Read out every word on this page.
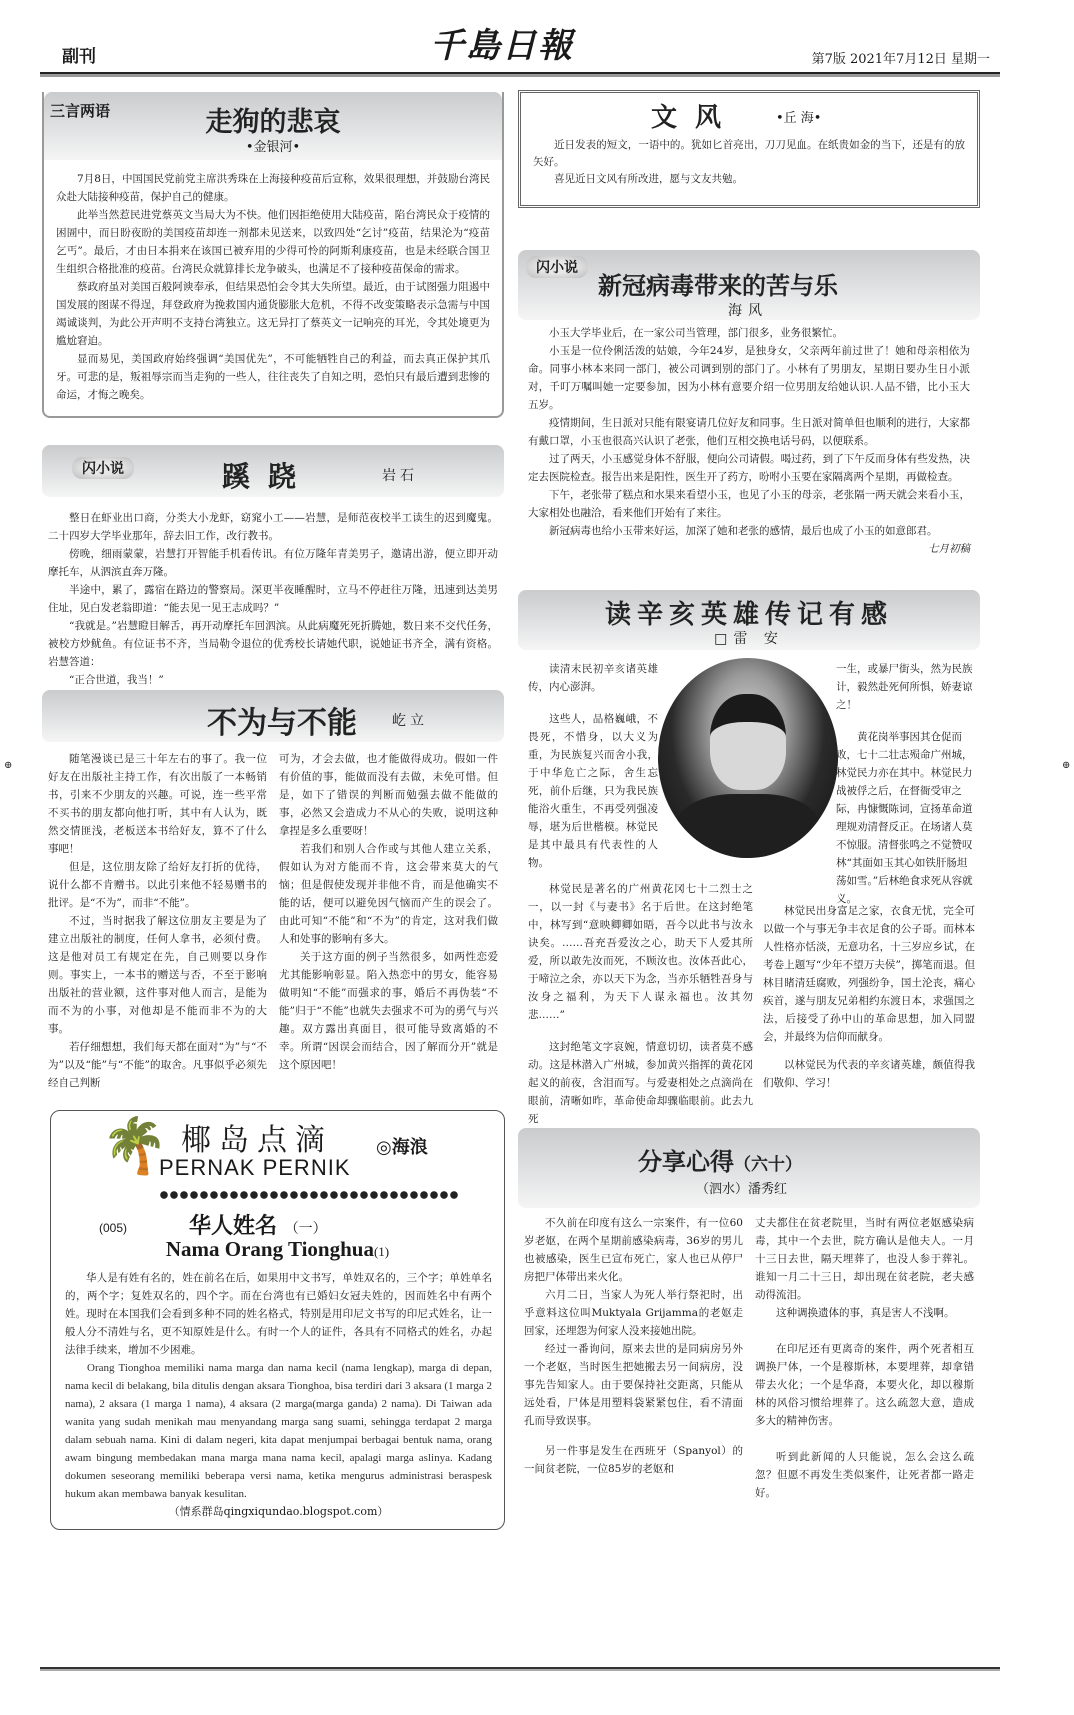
副刊	千島日報	第7版 2021年7月12日 星期一
三言两语	走狗的悲哀
•金银河•

7月8日，中国国民党前党主席洪秀珠在上海接种疫苗后宣称，效果很理想，并鼓励台湾民众赴大陆接种疫苗，保护自己的健康。

此举当然惹民进党蔡英文当局大为不快。他们因拒绝使用大陆疫苗，陷台湾民众于疫情的困圄中，而日盼夜盼的美国疫苗却连一剂都未见送来，以致四处“乞讨”疫苗，结果沦为“疫苗乞丐”。最后，才由日本捐来在该国已被弃用的少得可怜的阿斯利康疫苗，也是未经联合国卫生组织合格批准的疫苗。台湾民众就算排长龙争破头，也满足不了接种疫苗保命的需求。

蔡政府虽对美国百般阿谀奉承，但结果恐怕会令其大失所望。最近，由于试图强力阻遏中国发展的图谋不得逞，拜登政府为挽救国内通货膨胀大危机，不得不改变策略表示急需与中国竭诚谈判，为此公开声明不支持台湾独立。这无异打了蔡英文一记响亮的耳光，令其处境更为尴尬窘迫。

显而易见，美国政府始终强调“美国优先”，不可能牺牲自己的利益，而去真正保护其爪牙。可悲的是，叛祖辱宗而当走狗的一些人，往往丧失了自知之明，恐怕只有最后遭到悲惨的命运，才悔之晚矣。

闪小说	蹊跷	岩石

整日在虾业出口商，分类大小龙虾，窈窕小工——岩慧，是师范夜校半工读生的迟到魔鬼。二十四岁大学毕业那年，辞去旧工作，改行教书。

傍晚，细雨蒙蒙，岩慧打开智能手机看传讯。有位万隆年青美男子，邀请出游，便立即开动摩托车，从泗滨直奔万隆。

半途中，累了，露宿在路边的警察局。深更半夜睡醒时，立马不停赶往万隆，迅速到达美男住址，见白发老翁即道：“能去见一见王志成吗？”

“我就是。”岩慧瞪目解舌，再开动摩托车回泗滨。从此病魔死死折腾她，数日来不交代任务，被校方炒鱿鱼。有位证书不齐，当局勒令退位的优秀校长请她代职，说她证书齐全，满有资格。岩慧答道：

“正合世道，我当！”

不为与不能	屹立

随笔漫谈已是三十年左右的事了。我一位好友在出版社主持工作，有次出版了一本畅销书，引来不少朋友的兴趣。可说，连一些平常不买书的朋友都向他打听，其中有人认为，既然交情匪浅，老板送本书给好友，算不了什么事吧！

但是，这位朋友除了给好友打折的优待，说什么都不肯赠书。以此引来他不轻易赠书的批评。是“不为”，而非“不能”。

不过，当时据我了解这位朋友主要是为了建立出版社的制度，任何人拿书，必须付费。这是他对员工有规定在先，自己则要以身作则。事实上，一本书的赠送与否，不至于影响出版社的营业额，这件事对他人而言，是能为而不为的小事，对他却是不能而非不为的大事。

若仔细想想，我们每天都在面对“为”与“不为”以及“能”与“不能”的取舍。凡事似乎必须先经自己判断

可为，才会去做，也才能做得成功。假如一件有价值的事，能做而没有去做，未免可惜。但是，如下了错误的判断而勉强去做不能做的事，必然又会造成力不从心的失败，说明这种拿捏是多么重要呀！

若我们和别人合作或与其他人建立关系，假如认为对方能而不肯，这会带来莫大的气恼；但是假使发现并非他不肯，而是他确实不能的话，便可以避免因气恼而产生的误会了。由此可知“不能”和“不为”的肯定，这对我们做人和处事的影响有多大。

关于这方面的例子当然很多，如两性恋爱尤其能影响彰显。陷入热恋中的男女，能容易做明知“不能”而强求的事，婚后不再伪装“不能”归于“不能”也就失去强求不可为的勇气与兴趣。双方露出真面目，很可能导致离婚的不幸。所谓“因误会而结合，因了解而分开”就是这个原因吧！

🌴 椰岛点滴
PERNAK PERNIK
◎海浪
(005)	华人姓名 （一）
Nama Orang Tionghua(1)

华人是有姓有名的，姓在前名在后，如果用中文书写，单姓双名的，三个字；单姓单名的，两个字；复姓双名的，四个字。而在台湾也有已婚妇女冠夫姓的，因而姓名中有两个姓。现时在本国我们会看到多种不同的姓名格式，特别是用印尼文书写的印尼式姓名，让一般人分不清姓与名，更不知原姓是什么。有时一个人的证件，各具有不同格式的姓名，办起法律手续来，增加不少困难。

Orang Tionghoa memiliki nama marga dan nama kecil (nama lengkap), marga di depan, nama kecil di belakang, bila ditulis dengan aksara Tionghoa, bisa terdiri dari 3 aksara (1 marga 2 nama), 2 aksara (1 marga 1 nama), 4 aksara (2 marga(marga ganda) 2 nama). Di Taiwan ada wanita yang sudah menikah mau menyandang marga sang suami, sehingga terdapat 2 marga dalam sebuah nama. Kini di dalam negeri, kita dapat menjumpai berbagai bentuk nama, orang awam bingung membedakan mana marga mana nama kecil, apalagi marga aslinya. Kadang dokumen seseorang memiliki beberapa versi nama, ketika mengurus administrasi beraspesk hukum akan membawa banyak kesulitan.

（情系群岛qingxiqundao.blogspot.com）

文风	•丘 海•

近日发表的短文，一语中的。犹如匕首亮出，刀刀见血。在纸贵如金的当下，还是有的放矢好。

喜见近日文风有所改进，愿与文友共勉。

闪小说
新冠病毒带来的苦与乐
海风

小玉大学毕业后，在一家公司当管理，部门很多，业务很繁忙。

小玉是一位伶俐活泼的姑娘，今年24岁，是独身女，父亲两年前过世了！她和母亲相依为命。同事小林本来同一部门，被公司调到别的部门了。小林有了男朋友，星期日要办生日小派对，千叮万嘱叫她一定要参加，因为小林有意要介绍一位男朋友给她认识.人品不错，比小玉大五岁。

疫情期间，生日派对只能有限宴请几位好友和同事。生日派对简单但也顺利的进行，大家都有戴口罩，小玉也很高兴认识了老张，他们互相交换电话号码，以便联系。

过了两天，小玉感觉身体不舒服，便向公司请假。喝过药，到了下午反而身体有些发热，决定去医院检查。报告出来是阳性，医生开了药方，吩咐小玉要在家隔离两个星期，再做检查。

下午，老张带了糕点和水果来看望小玉，也见了小玉的母亲，老张隔一两天就会来看小玉，大家相处也融洽，看来他们开始有了来往。

新冠病毒也给小玉带来好运，加深了她和老张的感情，最后也成了小玉的如意郎君。

七月初稿

读辛亥英雄传记有感
□雷 安

读清末民初辛亥诸英雄传，内心澎湃。

这些人，品格巍峨，不畏死，不惜身，以大义为重，为民族复兴而舍小我，于中华危亡之际，舍生忘死，前仆后继，只为我民族能浴火重生，不再受列强凌辱，堪为后世楷模。林觉民是其中最具有代表性的人物。

一生，或暴尸街头，然为民族计，毅然赴死何所惧，娇妻谅之！

黄花岗举事因其仓促而败，七十二壮志殒命广州城，林觉民力亦在其中。林觉民力战被俘之后，在督衙受审之际，冉慷慨陈词，宣扬革命道理规劝清督反正。在场诸人莫不惊服。清督张鸣之不觉赞叹林“其面如玉其心如铁肝肠坦荡如雪。”后林绝食求死从容就义。

林觉民是著名的广州黄花冈七十二烈士之一，以一封《与妻书》名于后世。在这封绝笔中，林写到“意映卿卿如晤，吾今以此书与汝永诀矣。……吾充吾爱汝之心，助天下人爱其所爱，所以敢先汝而死，不顾汝也。汝体吾此心，于啼泣之余，亦以天下为念，当亦乐牺牲吾身与汝身之福利，为天下人谋永福也。汝其勿悲……”

这封绝笔文字哀婉，情意切切，读者莫不感动。这是林潜入广州城，参加黄兴指挥的黄花冈起义的前夜，含泪而写。与爱妻相处之点滴尚在眼前，清晰如昨，革命使命却骤临眼前。此去九死

林觉民出身富足之家，衣食无忧，完全可以做一个与事无争丰衣足食的公子哥。而林本人性格亦恬淡，无意功名，十三岁应乡试，在考卷上题写“少年不望万夫侯”，掷笔而退。但林目睹清廷腐败，列强纷争，国土沦丧，痛心疾首，遂与朋友兄弟相约东渡日本，求强国之法，后接受了孙中山的革命思想，加入同盟会，并最终为信仰而献身。

以林觉民为代表的辛亥诸英雄，颇值得我们敬仰、学习！

分享心得（六十）
（泗水）潘秀红

不久前在印度有这么一宗案件，有一位60岁老妪，在两个星期前感染病毒，36岁的男儿也被感染，医生已宣布死亡，家人也已从停尸房把尸体带出来火化。

六月二日，当家人为死人举行祭祀时，出乎意料这位叫Muktyala Grijamma的老妪走回家，还埋怨为何家人没来接她出院。

经过一番询问，原来去世的是同病房另外一个老妪，当时医生把她搬去另一间病房，没事先告知家人。由于要保持社交距离，只能从远处看，尸体是用塑料袋紧紧包住，看不清面孔而导致误事。

另一件事是发生在西班牙（Spanyol）的一间贫老院，一位85岁的老妪和

丈夫都住在贫老院里，当时有两位老妪感染病毒，其中一个去世，院方确认是他夫人。一月十三日去世，隔天埋葬了，也没人参于葬礼。谁知一月二十三日，却出现在贫老院，老夫感动得流泪。

这种调换遗体的事，真是害人不浅啊。

在印尼还有更离奇的案件，两个死者相互调换尸体，一个是穆斯林，本要埋葬，却拿错带去火化；一个是华裔，本要火化，却以穆斯林的风俗习惯给埋葬了。这么疏忽大意，造成多大的精神伤害。

听到此新闻的人只能说，怎么会这么疏忽？但愿不再发生类似案件，让死者都一路走好。

⊕	⊕
